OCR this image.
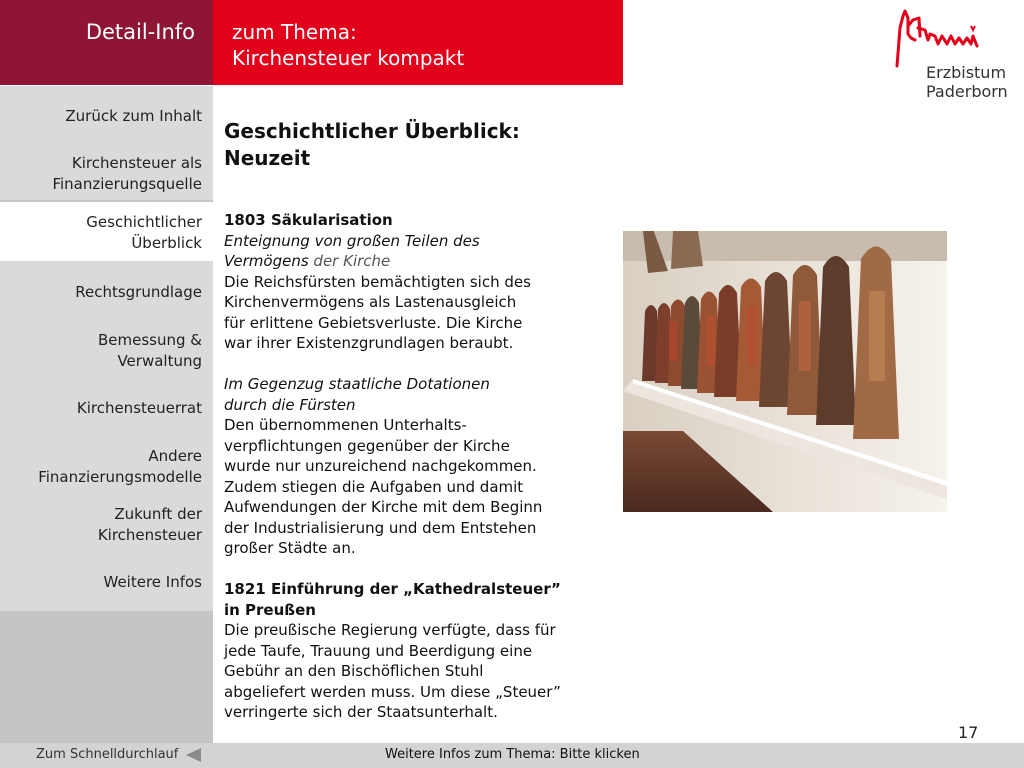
Detail-Info zum Thema:
Kirchensteuer kompakt
Erzbistum
Paderborn
Zurück zum Inhalt
Kirchensteuer als Finanzierungsquelle
Geschichtlicher Überblick
Rechtsgrundlage
Bemessung & Verwaltung
Kirchensteuerrat
Andere Finanzierungsmodelle
Zukunft der Kirchensteuer
Weitere Infos
Geschichtlicher Überblick:
Neuzeit
1803 Säkularisation
Enteignung von großen Teilen des
Vermögens der Kirche
Die Reichsfürsten bemächtigten sich des
Kirchenvermögens als Lastenausgleich
für erlittene Gebietsverluste. Die Kirche
war ihrer Existenzgrundlagen beraubt.
Im Gegenzug staatliche Dotationen
durch die Fürsten
Den übernommenen Unterhalts-
verpflichtungen gegenüber der Kirche
wurde nur unzureichend nachgekommen.
Zudem stiegen die Aufgaben und damit
Aufwendungen der Kirche mit dem Beginn
der Industrialisierung und dem Entstehen
großer Städte an.
1821 Einführung der „Kathedralsteuer”
in Preußen
Die preußische Regierung verfügte, dass für
jede Taufe, Trauung und Beerdigung eine
Gebühr an den Bischöflichen Stuhl
abgeliefert werden muss. Um diese „Steuer”
verringerte sich der Staatsunterhalt.
17
Zum Schnelldurchlauf	Weitere Infos zum Thema: Bitte klicken
